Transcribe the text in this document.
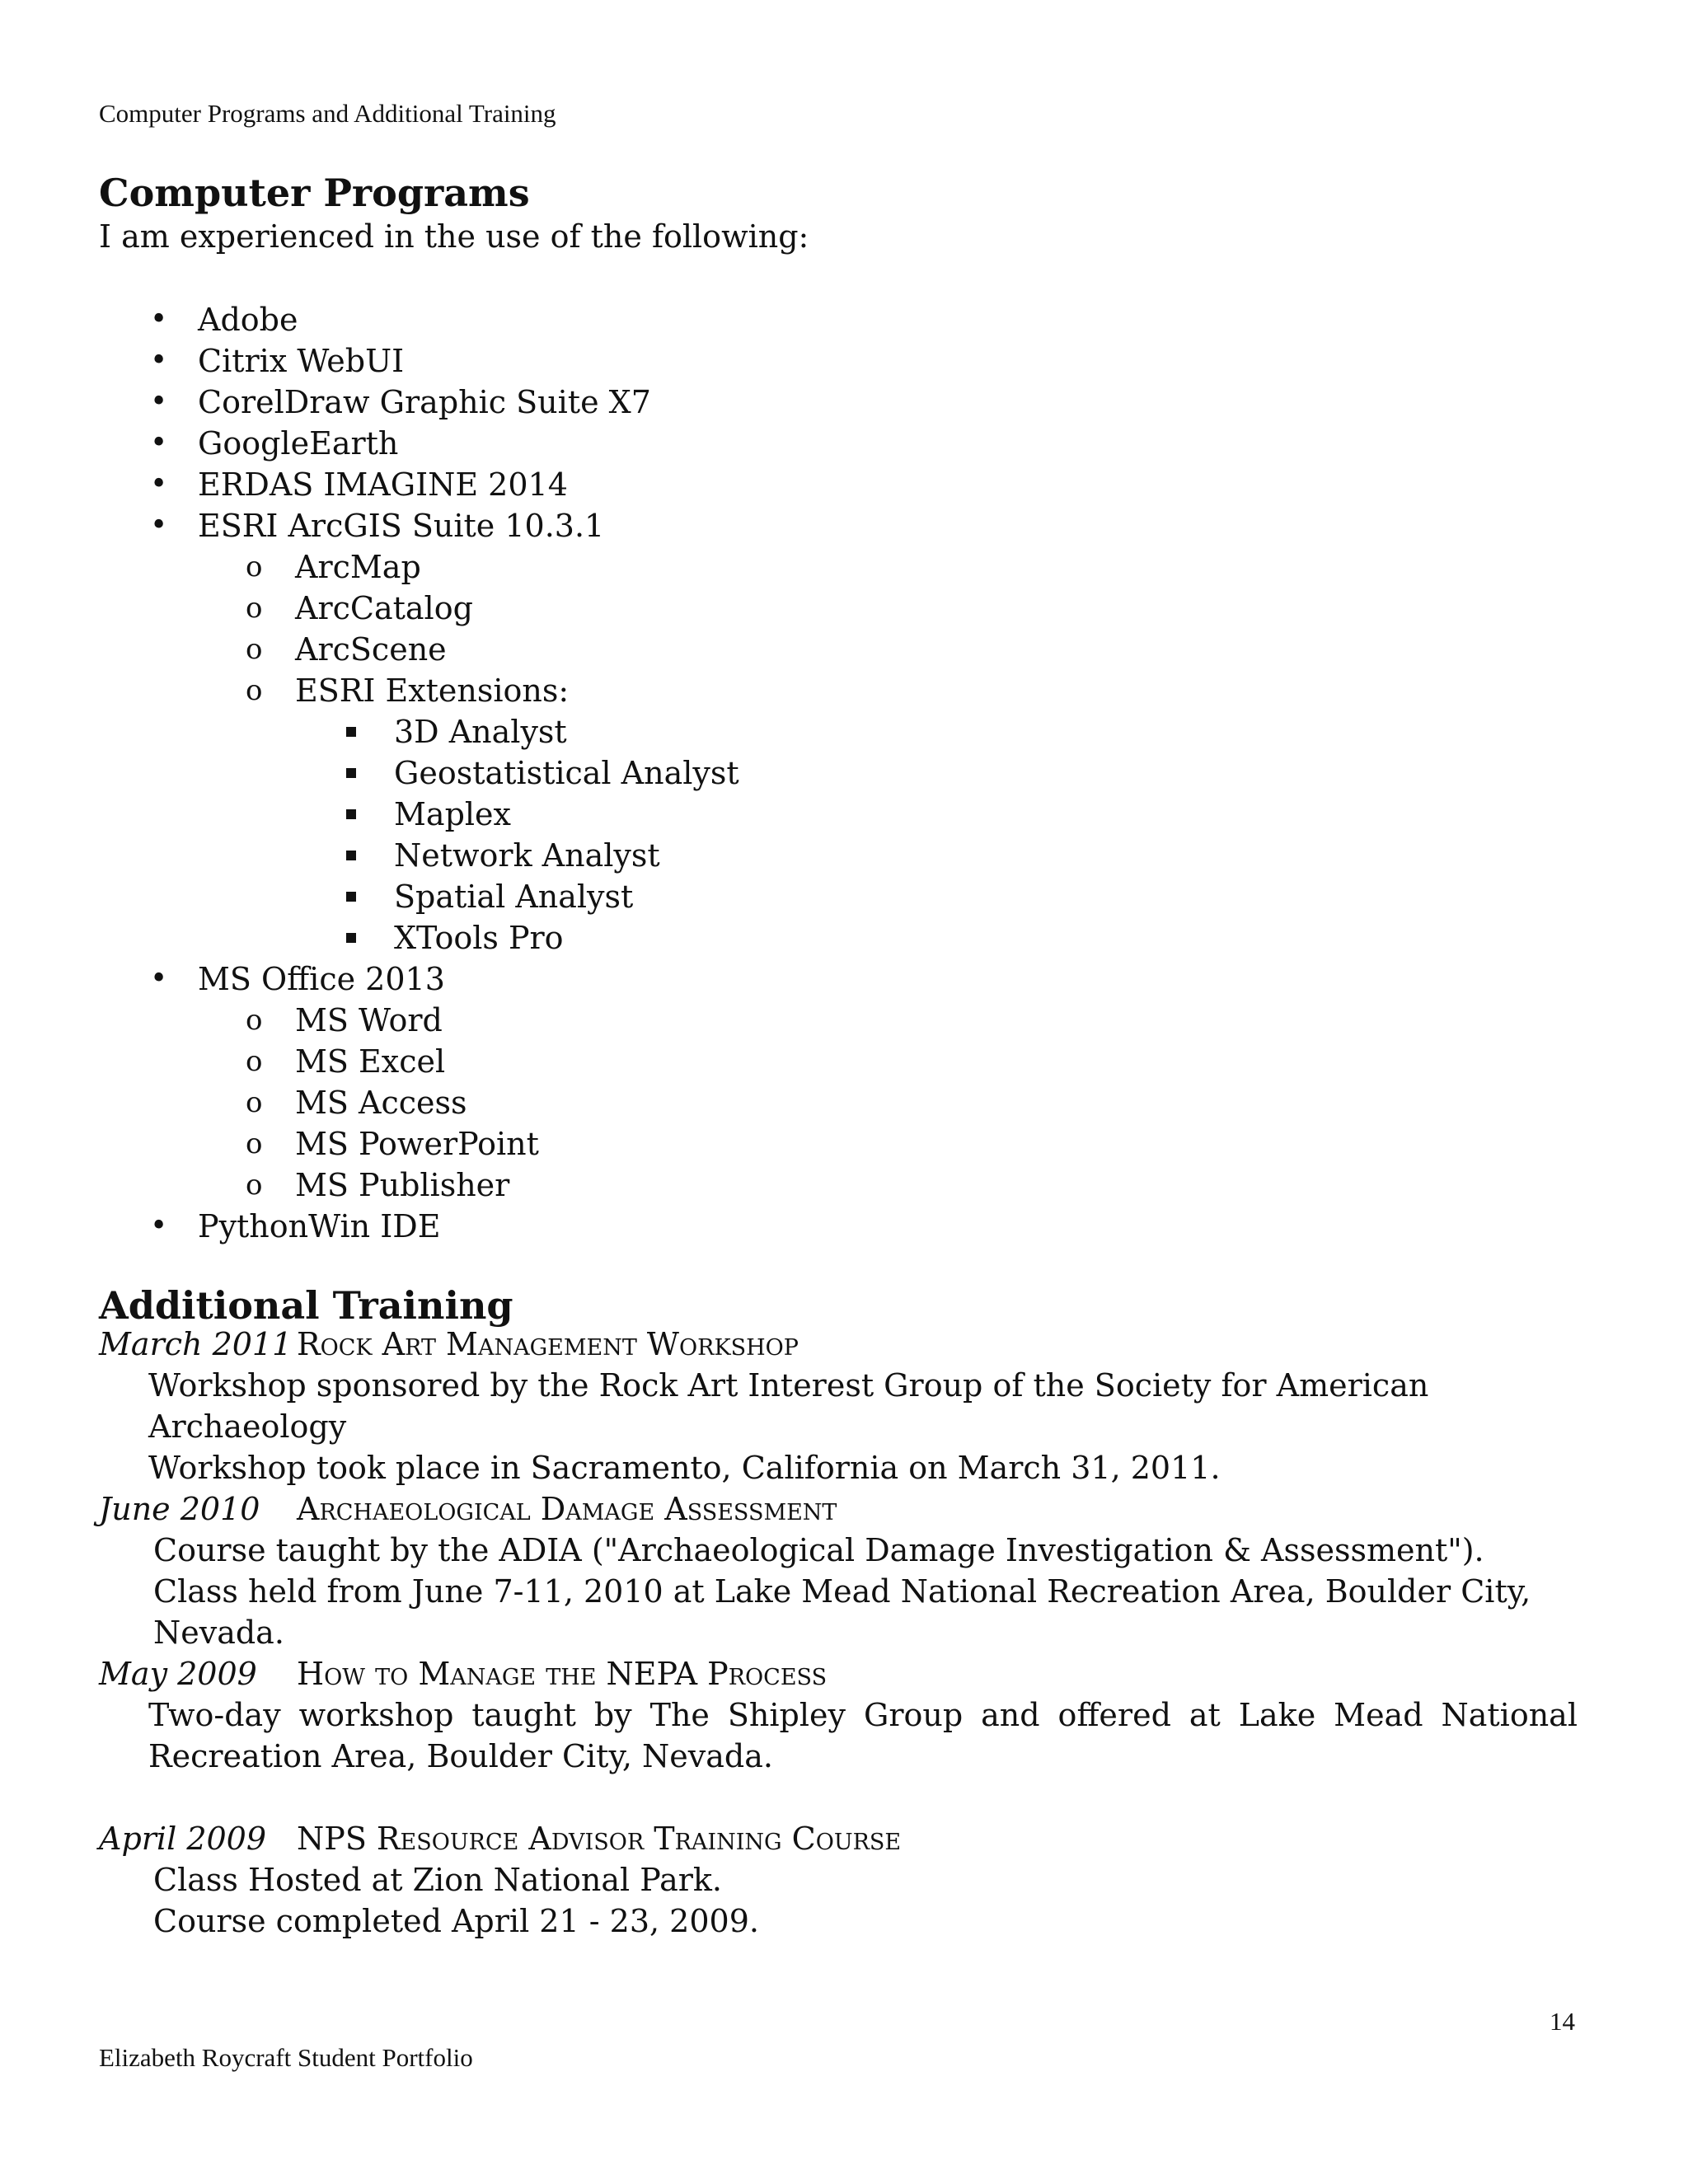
Computer Programs and Additional Training
Computer Programs
I am experienced in the use of the following:
• Adobe
• Citrix WebUI
• CorelDraw Graphic Suite X7
• GoogleEarth
• ERDAS IMAGINE 2014
• ESRI ArcGIS Suite 10.3.1
o ArcMap
o ArcCatalog
o ArcScene
o ESRI Extensions:
3D Analyst
Geostatistical Analyst
Maplex
Network Analyst
Spatial Analyst
XTools Pro
• MS Office 2013
o MS Word
o MS Excel
o MS Access
o MS PowerPoint
o MS Publisher
• PythonWin IDE
Additional Training
March 2011 Rock Art Management Workshop
Workshop sponsored by the Rock Art Interest Group of the Society for American Archaeology
Workshop took place in Sacramento, California on March 31, 2011.
June 2010 Archaeological Damage Assessment
Course taught by the ADIA ("Archaeological Damage Investigation & Assessment").
Class held from June 7-11, 2010 at Lake Mead National Recreation Area, Boulder City, Nevada.
May 2009 How to Manage the NEPA Process
Two-day workshop taught by The Shipley Group and offered at Lake Mead National Recreation Area, Boulder City, Nevada.
April 2009 NPS Resource Advisor Training Course
Class Hosted at Zion National Park.
Course completed April 21 - 23, 2009.
14
Elizabeth Roycraft Student Portfolio
